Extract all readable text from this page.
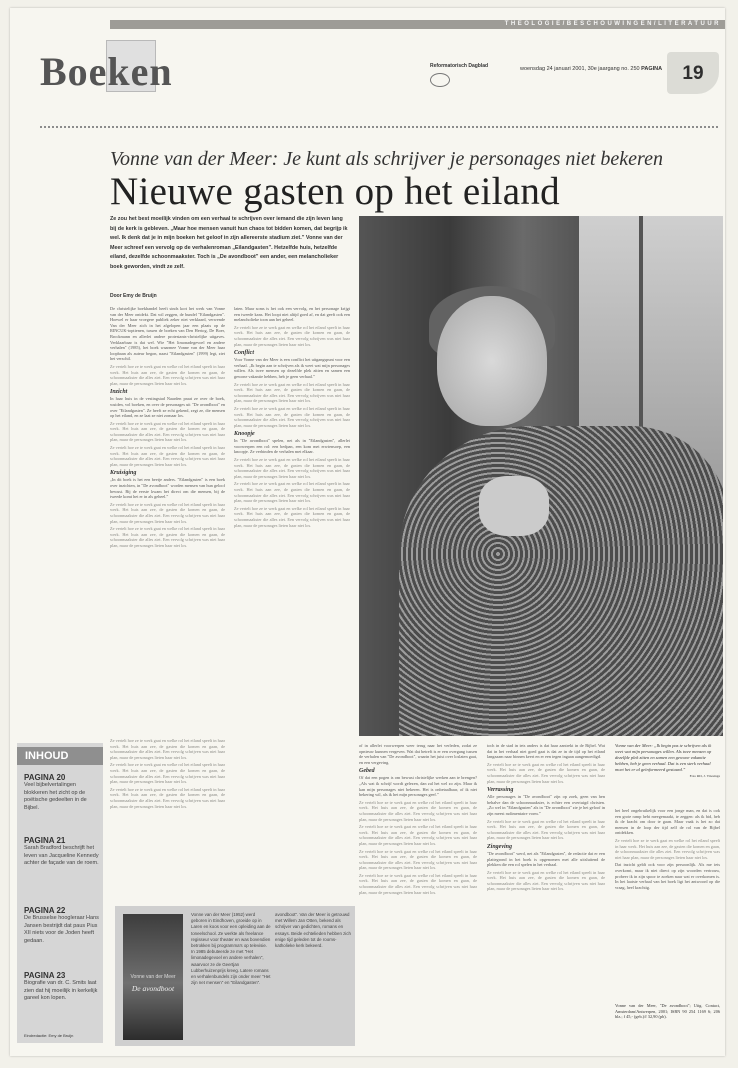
THEOLOGIE/BESCHOUWINGEN/LITERATUUR
Boeken	Reformatorisch Dagblad	woensdag 24 januari 2001, 30e jaargang no. 250 PAGINA	19
Vonne van der Meer: Je kunt als schrijver je personages niet bekeren
Nieuwe gasten op het eiland
Ze zou het best moeilijk vinden om een verhaal te schrijven over iemand die zijn leven lang bij de kerk is gebleven. „Maar hoe mensen vanuit hun chaos tot bidden komen, dat begrijp ik wel. Ik denk dat je in mijn boeken het geloof in zijn allereerste stadium ziet.” Vonne van der Meer schreef een vervolg op de verhalenroman „Eilandgasten”. Hetzelfde huis, hetzelfde eiland, dezelfde schoonmaakster. Toch is „De avondboot” een ander, een melancholieker boek geworden, vindt ze zelf.
Door Emy de Bruijn

De christelijke boekhandel heeft sinds kort het werk van Vonne van der Meer ontdekt. Dat wil zeggen, de bundel "Eilandgasten". Hoewel er haar vroegere publiek zeker niet verklaard, verwende Van der Meer zich in het afgelopen jaar een plaats op de RINCUK-toptienen, tussen de boeken van Den Hertog, De Boer, Brockmann en allerlei andere protestants-christelijke uitgaves. Verklaarbaar is dat wel. Wie "Het limonadegevoel en andere verhalen" (1985), het boek waarmee Vonne van der Meer haar loopbaan als auteur begon, naast "Eilandgasten" (1999) legt, ziet het verschil.

Ze vertelt hoe ze te werk gaat en welke rol het eiland speelt in haar werk. Het huis aan zee, de gasten die komen en gaan, de schoonmaakster die alles ziet. Een vervolg schrijven was niet haar plan, maar de personages lieten haar niet los.

Inzicht

In haar huis in de vestingstad Naarden praat ze over de boek, wuiden, vol boeken, en over de personages uit "De avondboot" en over "Eilandgasten". Ze heeft ze echt gekend, zegt ze, die mensen op het eiland, en ze laat ze niet zomaar los.

Ze vertelt hoe ze te werk gaat en welke rol het eiland speelt in haar werk. Het huis aan zee, de gasten die komen en gaan, de schoonmaakster die alles ziet. Een vervolg schrijven was niet haar plan, maar de personages lieten haar niet los.

Ze vertelt hoe ze te werk gaat en welke rol het eiland speelt in haar werk. Het huis aan zee, de gasten die komen en gaan, de schoonmaakster die alles ziet. Een vervolg schrijven was niet haar plan, maar de personages lieten haar niet los.

Kruisiging

„In dit boek is het een beetje anders. "Eilandgasten" is een boek over inzichten, in "De avondboot" worden mensen van hun geloof bewust. Bij de eerste kwam het direct om die mensen, bij de tweede komt het er in als geheel.”

Ze vertelt hoe ze te werk gaat en welke rol het eiland speelt in haar werk. Het huis aan zee, de gasten die komen en gaan, de schoonmaakster die alles ziet. Een vervolg schrijven was niet haar plan, maar de personages lieten haar niet los.

Ze vertelt hoe ze te werk gaat en welke rol het eiland speelt in haar werk. Het huis aan zee, de gasten die komen en gaan, de schoonmaakster die alles ziet. Een vervolg schrijven was niet haar plan, maar de personages lieten haar niet los.

Ze vertelt hoe ze te werk gaat en welke rol het eiland speelt in haar werk. Het huis aan zee, de gasten die komen en gaan, de schoonmaakster die alles ziet. Een vervolg schrijven was niet haar plan, maar de personages lieten haar niet los.

Ze vertelt hoe ze te werk gaat en welke rol het eiland speelt in haar werk. Het huis aan zee, de gasten die komen en gaan, de schoonmaakster die alles ziet. Een vervolg schrijven was niet haar plan, maar de personages lieten haar niet los.

Ze vertelt hoe ze te werk gaat en welke rol het eiland speelt in haar werk. Het huis aan zee, de gasten die komen en gaan, de schoonmaakster die alles ziet. Een vervolg schrijven was niet haar plan, maar de personages lieten haar niet los.

laten. Maar soms is het ook een vervolg, en het personage krijgt een tweede kans. Het loopt niet altijd goed af, en dat geeft ook een melancholieke toon aan het geheel.

Ze vertelt hoe ze te werk gaat en welke rol het eiland speelt in haar werk. Het huis aan zee, de gasten die komen en gaan, de schoonmaakster die alles ziet. Een vervolg schrijven was niet haar plan, maar de personages lieten haar niet los.

Conflict

Voor Vonne van der Meer is een conflict het uitgangspunt voor een verhaal. „Ik begin aan te schrijven als ik weet wat mijn personages willen. Als twee mensen op dezelfde plek zitten en samen een gewone vakantie hebben, heb je geen verhaal.”

Ze vertelt hoe ze te werk gaat en welke rol het eiland speelt in haar werk. Het huis aan zee, de gasten die komen en gaan, de schoonmaakster die alles ziet. Een vervolg schrijven was niet haar plan, maar de personages lieten haar niet los.

Ze vertelt hoe ze te werk gaat en welke rol het eiland speelt in haar werk. Het huis aan zee, de gasten die komen en gaan, de schoonmaakster die alles ziet. Een vervolg schrijven was niet haar plan, maar de personages lieten haar niet los.

Knoopje

In "De avondboot" spelen, net als in "Eilandgasten", allerlei voorwerpen een rol: een bedpan, een kom met erwtensoep, een knoopje. Ze verbinden de verhalen met elkaar.

Ze vertelt hoe ze te werk gaat en welke rol het eiland speelt in haar werk. Het huis aan zee, de gasten die komen en gaan, de schoonmaakster die alles ziet. Een vervolg schrijven was niet haar plan, maar de personages lieten haar niet los.

Ze vertelt hoe ze te werk gaat en welke rol het eiland speelt in haar werk. Het huis aan zee, de gasten die komen en gaan, de schoonmaakster die alles ziet. Een vervolg schrijven was niet haar plan, maar de personages lieten haar niet los.

Ze vertelt hoe ze te werk gaat en welke rol het eiland speelt in haar werk. Het huis aan zee, de gasten die komen en gaan, de schoonmaakster die alles ziet. Een vervolg schrijven was niet haar plan, maar de personages lieten haar niet los.

of in allerlei voorwerpen weer terug naar het verleden, zodat ze opnieuw kunnen vergeven. Wat dat betreft is er een overgang tussen de verhalen van "De avondboot", waarin het juist over loslaten gaat, en een vergeving.

Gebed

Of dat een pogen is om bewust christelijke werken aan te brengen? „Als wat ik schrijf wordt gelezen, dan zal het wel zo zijn. Maar ik kan mijn personages niet bekeren. Het is onbetaalbaar, of ik niet bekering wil, als ik het mijn personages geef.”

Ze vertelt hoe ze te werk gaat en welke rol het eiland speelt in haar werk. Het huis aan zee, de gasten die komen en gaan, de schoonmaakster die alles ziet. Een vervolg schrijven was niet haar plan, maar de personages lieten haar niet los.

Ze vertelt hoe ze te werk gaat en welke rol het eiland speelt in haar werk. Het huis aan zee, de gasten die komen en gaan, de schoonmaakster die alles ziet. Een vervolg schrijven was niet haar plan, maar de personages lieten haar niet los.

Ze vertelt hoe ze te werk gaat en welke rol het eiland speelt in haar werk. Het huis aan zee, de gasten die komen en gaan, de schoonmaakster die alles ziet. Een vervolg schrijven was niet haar plan, maar de personages lieten haar niet los.

Ze vertelt hoe ze te werk gaat en welke rol het eiland speelt in haar werk. Het huis aan zee, de gasten die komen en gaan, de schoonmaakster die alles ziet. Een vervolg schrijven was niet haar plan, maar de personages lieten haar niet los.

toch in de stad in iets anders is dat haar aantrekt in de Bijbel. Wat dat in het verhaal niet goed gaat is dat ze in de tijd op het eiland langzaam naar binnen keert en er een tegen ingaan aangemoedigd.

Ze vertelt hoe ze te werk gaat en welke rol het eiland speelt in haar werk. Het huis aan zee, de gasten die komen en gaan, de schoonmaakster die alles ziet. Een vervolg schrijven was niet haar plan, maar de personages lieten haar niet los.

Verrassing

Alle personages in "De avondboot" zijn op zoek, geen van hen behalve dan de schoonmaakster, is echter een overtuigd christen. „Zo wel in "Eilandgasten" als in "De avondboot" zie je het geloof in zijn meest rudimentaire vorm.”

Ze vertelt hoe ze te werk gaat en welke rol het eiland speelt in haar werk. Het huis aan zee, de gasten die komen en gaan, de schoonmaakster die alles ziet. Een vervolg schrijven was niet haar plan, maar de personages lieten haar niet los.

Zingeving

"De avondboot" werd, net als "Eilandgasten", de redactie dat er een plattegrond in het boek is opgenomen met alle uitsluitend de plekken die een rol spelen in het verhaal.

Ze vertelt hoe ze te werk gaat en welke rol het eiland speelt in haar werk. Het huis aan zee, de gasten die komen en gaan, de schoonmaakster die alles ziet. Een vervolg schrijven was niet haar plan, maar de personages lieten haar niet los.

Vonne van der Meer: „Ik begin pas te schrijven als ik weet wat mijn personages willen. Als twee mensen op dezelfde plek zitten en samen een gewone vakantie hebben, heb je geen verhaal. Dat is een sterk verhaal moet het er al geïnformeerd gestuurd.”
Foto RD, J. Vriesinga

het heel ongebruikelijk voor een jonge man, en dat is ook een grote ramp hebt meegemaakt, te zeggen: als ik bid, heb ik de kracht om door te gaan. Maar vaak is het zo dat mensen in de loop der tijd zelf de rol van de Bijbel ontdekken.

Ze vertelt hoe ze te werk gaat en welke rol het eiland speelt in haar werk. Het huis aan zee, de gasten die komen en gaan, de schoonmaakster die alles ziet. Een vervolg schrijven was niet haar plan, maar de personages lieten haar niet los.

Dat inzicht geldt ook voor zijn persoonlijk. Als me iets overkomt, maar ik niet direct op zijn woorden vertrouw, probeer ik in zijn spoor te zoeken naar wat er overkomen is. In het laatste verhaal van het boek ligt het antwoord op die vraag, heel krachtig.

Vonne van der Meer, "De avondboot"; Uitg. Contact, Amsterdam/Antwerpen, 2001; ISBN 90 254 1169 6; 206 blz.; f 45,- (geb.)/f 32,90 (pb).

INHOUD
PAGINA 20
Veel bijbelvertalingen blokkeren het zicht op de poëtische gedeelten in de Bijbel.
PAGINA 21
Sarah Bradford beschrijft het leven van Jacqueline Kennedy achter de façade van de roem.
PAGINA 22
De Brusselse hoogleraar Hans Jansen bestrijdt dat paus Pius XII niets voor de Joden heeft gedaan.
PAGINA 23
Biografie van dr. C. Smits laat zien dat hij moeilijk in kerkelijk gareel kon lopen.
Eindredactie: Emy de Bruijn
Vonne van der Meer
De avondboot
Vonne van der Meer (1952) werd geboren in Eindhoven, groeide op in Laren en koos voor een opleiding aan de toneelschool. Ze werkte als freelance regisseur voor theater en was bovendien betrokken bij programma's op televisie. In 1985 debuteerde ze met "Het limonadegevoel en andere verhalen", waarvoor ze de Geertjan Lubberhuizenprijs kreeg. Latere romans en verhalenbundels zijn onder meer "Het zijn net mensen" en "Eilandgasten".
avondboot". Van der Meer is getrouwd met Willem Jan Otten, bekend als schrijver van gedichten, romans en essays. Beide echtelieden hebben zich enige tijd geleden tot de rooms-katholieke kerk bekeerd.
